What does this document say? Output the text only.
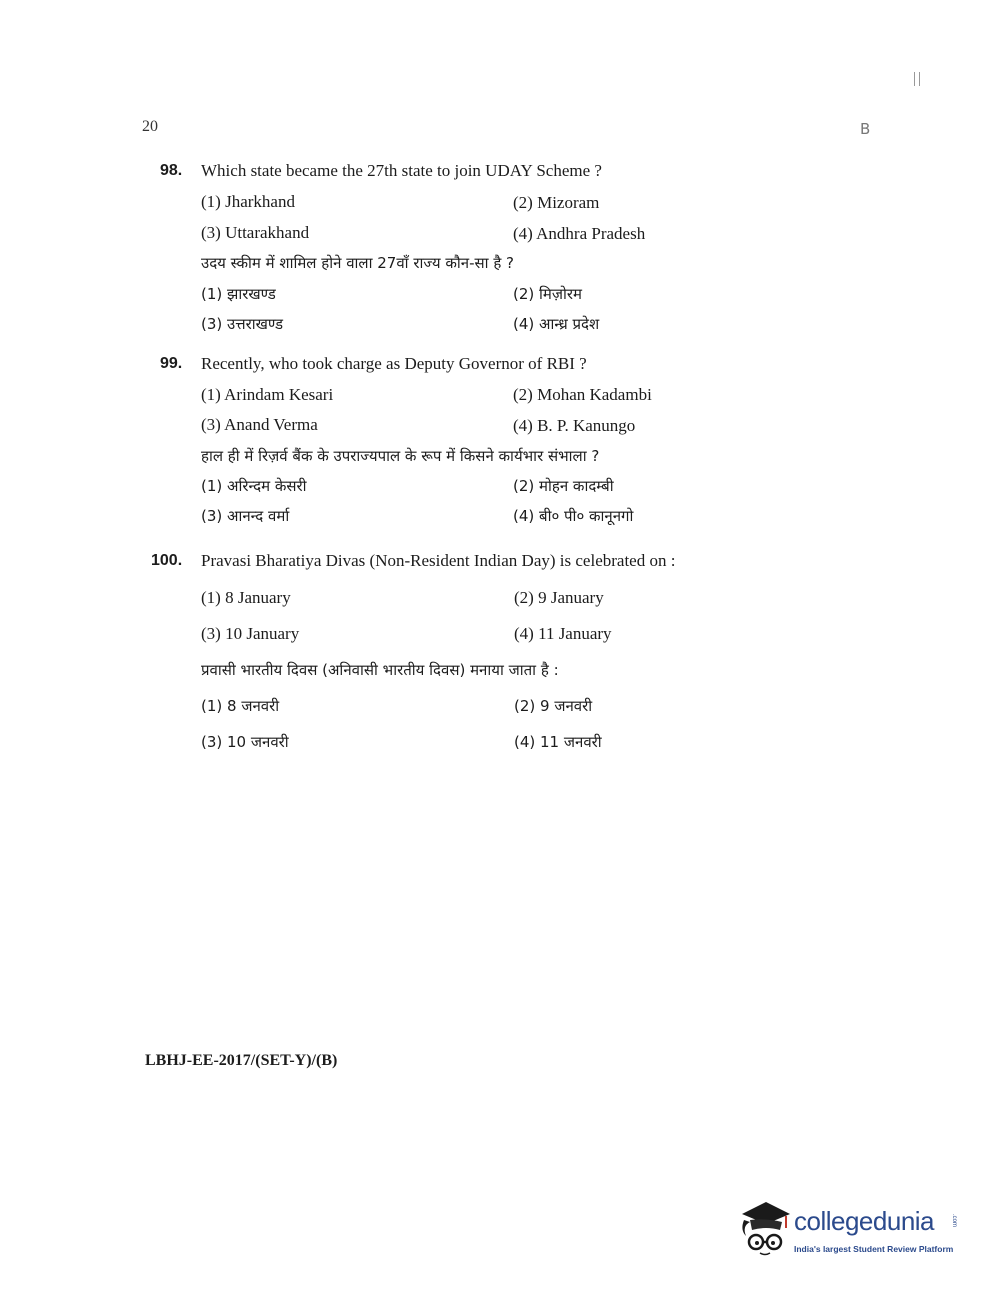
20	B
98. Which state became the 27th state to join UDAY Scheme ?
(1) Jharkhand	(2) Mizoram
(3) Uttarakhand	(4) Andhra Pradesh
उदय स्कीम में शामिल होने वाला 27वाँ राज्य कौन-सा है ?
(1) झारखण्ड	(2) मिज़ोरम
(3) उत्तराखण्ड	(4) आन्ध्र प्रदेश
99. Recently, who took charge as Deputy Governor of RBI ?
(1) Arindam Kesari	(2) Mohan Kadambi
(3) Anand Verma	(4) B. P. Kanungo
हाल ही में रिज़र्व बैंक के उपराज्यपाल के रूप में किसने कार्यभार संभाला ?
(1) अरिन्दम केसरी	(2) मोहन कादम्बी
(3) आनन्द वर्मा	(4) बी० पी० कानूनगो
100. Pravasi Bharatiya Divas (Non-Resident Indian Day) is celebrated on :
(1) 8 January	(2) 9 January
(3) 10 January	(4) 11 January
प्रवासी भारतीय दिवस (अनिवासी भारतीय दिवस) मनाया जाता है :
(1) 8 जनवरी	(2) 9 जनवरी
(3) 10 जनवरी	(4) 11 जनवरी
LBHJ-EE-2017/(SET-Y)/(B)
collegedunia	.com
India's largest Student Review Platform
